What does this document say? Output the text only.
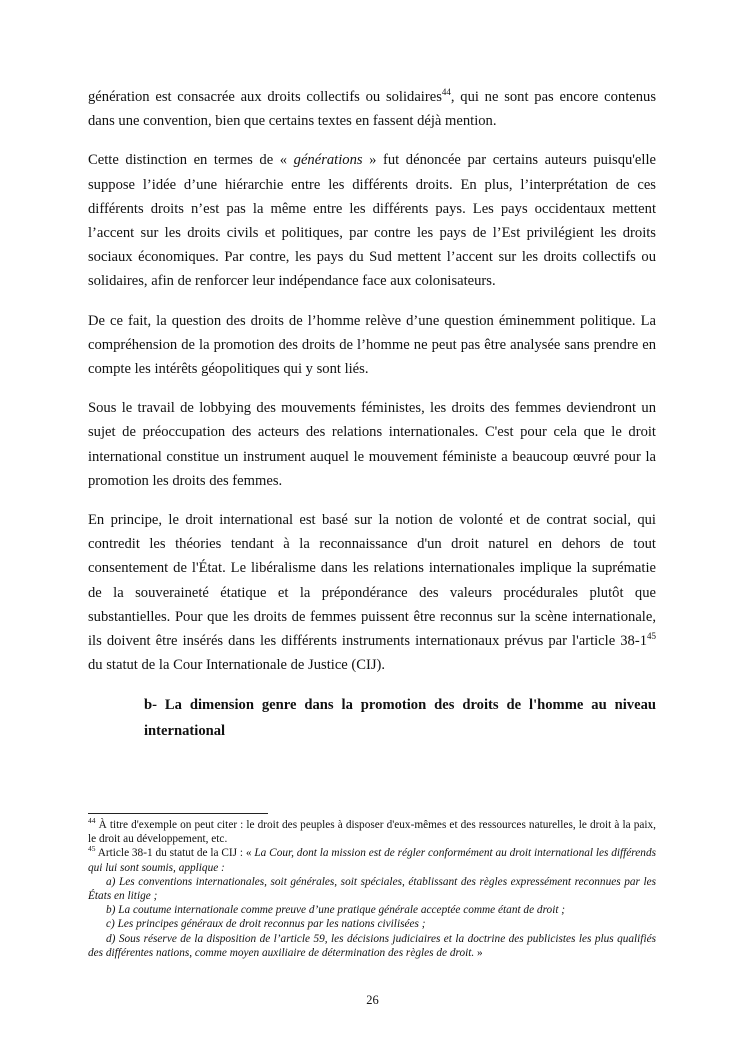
génération est consacrée aux droits collectifs ou solidaires$^{44}$, qui ne sont pas encore contenus dans une convention, bien que certains textes en fassent déjà mention.

Cette distinction en termes de « générations » fut dénoncée par certains auteurs puisqu'elle suppose l’idée d’une hiérarchie entre les différents droits. En plus, l’interprétation de ces différents droits n’est pas la même entre les différents pays. Les pays occidentaux mettent l’accent sur les droits civils et politiques, par contre les pays de l’Est privilégient les droits sociaux économiques. Par contre, les pays du Sud mettent l’accent sur les droits collectifs ou solidaires, afin de renforcer leur indépendance face aux colonisateurs.

De ce fait, la question des droits de l’homme relève d’une question éminemment politique. La compréhension de la promotion des droits de l’homme ne peut pas être analysée sans prendre en compte les intérêts géopolitiques qui y sont liés.

Sous le travail de lobbying des mouvements féministes, les droits des femmes deviendront un sujet de préoccupation des acteurs des relations internationales. C'est pour cela que le droit international constitue un instrument auquel le mouvement féministe a beaucoup œuvré pour la promotion les droits des femmes.

En principe, le droit international est basé sur la notion de volonté et de contrat social, qui contredit les théories tendant à la reconnaissance d'un droit naturel en dehors de tout consentement de l'État. Le libéralisme dans les relations internationales implique la suprématie de la souveraineté étatique et la prépondérance des valeurs procédurales plutôt que substantielles. Pour que les droits de femmes puissent être reconnus sur la scène internationale, ils doivent être insérés dans les différents instruments internationaux prévus par l'article 38-1$^{45}$ du statut de la Cour Internationale de Justice (CIJ).

b- La dimension genre dans la promotion des droits de l'homme au niveau international

$^{44}$ À titre d'exemple on peut citer : le droit des peuples à disposer d'eux-mêmes et des ressources naturelles, le droit à la paix, le droit au développement, etc.

$^{45}$ Article 38-1 du statut de la CIJ : « La Cour, dont la mission est de régler conformément au droit international les différends qui lui sont soumis, applique :

a) Les conventions internationales, soit générales, soit spéciales, établissant des règles expressément reconnues par les États en litige ;

b) La coutume internationale comme preuve d’une pratique générale acceptée comme étant de droit ;

c) Les principes généraux de droit reconnus par les nations civilisées ;

d) Sous réserve de la disposition de l’article 59, les décisions judiciaires et la doctrine des publicistes les plus qualifiés des différentes nations, comme moyen auxiliaire de détermination des règles de droit. »

26
